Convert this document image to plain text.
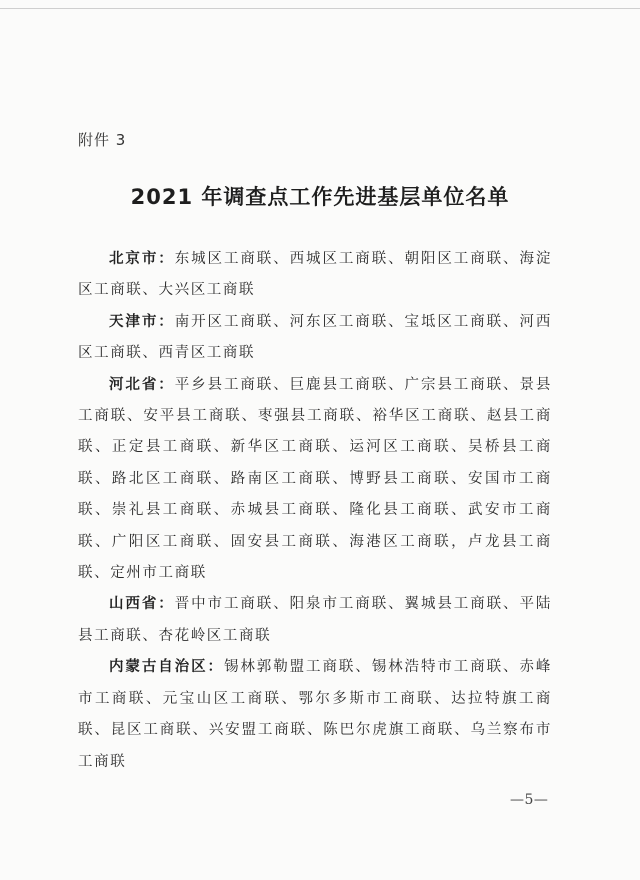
附件 3
2021 年调查点工作先进基层单位名单

北京市：东城区工商联、西城区工商联、朝阳区工商联、海淀区工商联、大兴区工商联

天津市：南开区工商联、河东区工商联、宝坻区工商联、河西区工商联、西青区工商联

河北省：平乡县工商联、巨鹿县工商联、广宗县工商联、景县工商联、安平县工商联、枣强县工商联、裕华区工商联、赵县工商联、正定县工商联、新华区工商联、运河区工商联、吴桥县工商联、路北区工商联、路南区工商联、博野县工商联、安国市工商联、崇礼县工商联、赤城县工商联、隆化县工商联、武安市工商联、广阳区工商联、固安县工商联、海港区工商联，卢龙县工商联、定州市工商联

山西省：晋中市工商联、阳泉市工商联、翼城县工商联、平陆县工商联、杏花岭区工商联

内蒙古自治区：锡林郭勒盟工商联、锡林浩特市工商联、赤峰市工商联、元宝山区工商联、鄂尔多斯市工商联、达拉特旗工商联、昆区工商联、兴安盟工商联、陈巴尔虎旗工商联、乌兰察布市工商联

—5—
